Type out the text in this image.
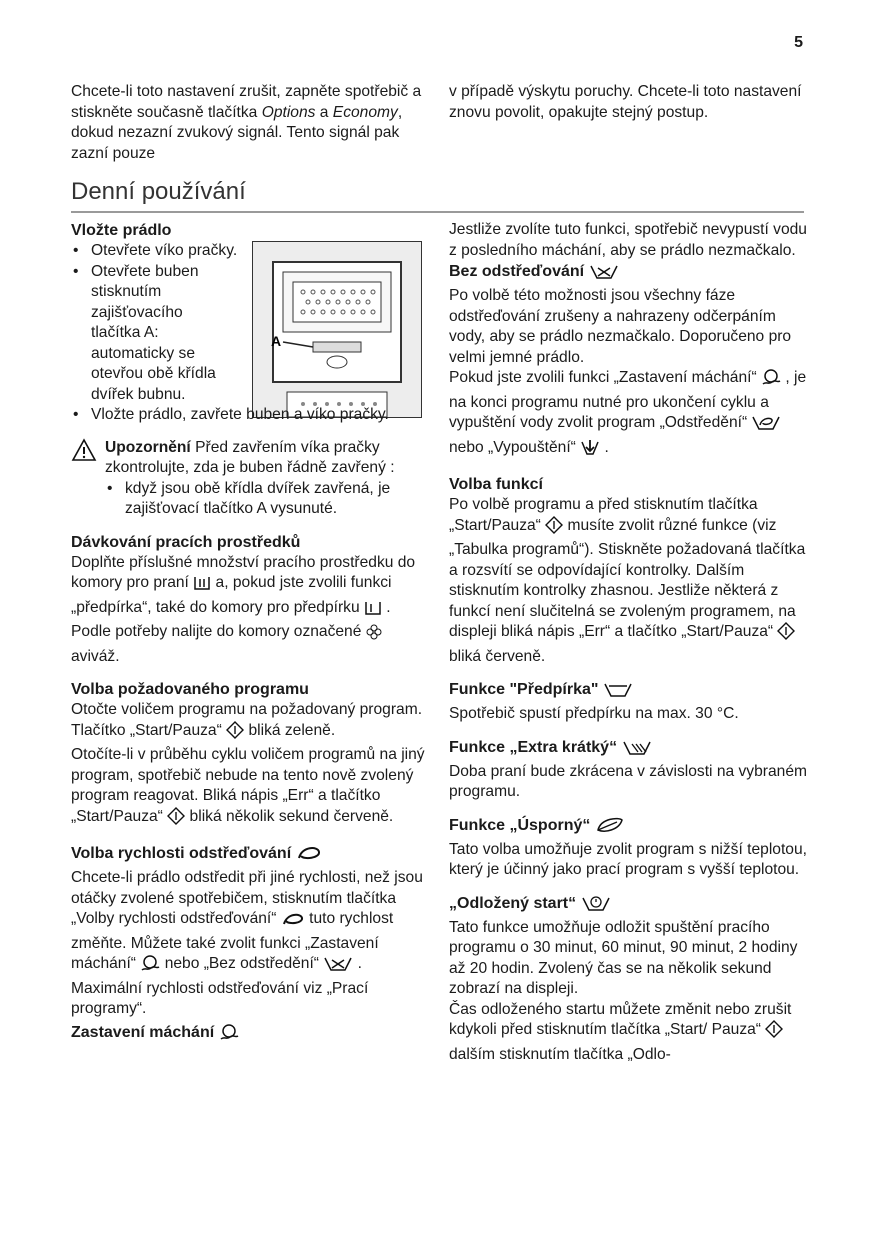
5

Chcete-li toto nastavení zrušit, zapněte spotřebič a stiskněte současně tlačítka Options a Economy, dokud nezazní zvukový signál. Tento signál pak zazní pouze

v případě výskytu poruchy. Chcete-li toto nastavení znovu povolit, opakujte stejný postup.

Denní používání
A
Vložte prádlo
• Otevřete víko pračky.
• Otevřete buben stisknutím zajišťovacího tlačítka A: automaticky se otevřou obě křídla dvířek bubnu.
• Vložte prádlo, zavřete buben a víko pračky.

Upozornění Před zavřením víka pračky zkontrolujte, zda je buben řádně zavřený :

• když jsou obě křídla dvířek zavřená, je zajišťovací tlačítko A vysunuté.
Dávkování pracích prostředků

Doplňte příslušné množství pracího prostředku do komory pro praní  a, pokud jste zvolili funkci „předpírka“, také do komory pro předpírku  . Podle potřeby nalijte do komory označené  aviváž.

Volba požadovaného programu

Otočte voličem programu na požadovaný program. Tlačítko „Start/Pauza“  bliká zeleně.

Otočíte-li v průběhu cyklu voličem programů na jiný program, spotřebič nebude na tento nově zvolený program reagovat. Bliká nápis „Err“ a tlačítko „Start/Pauza“  bliká několik sekund červeně.

Volba rychlosti odstřeďování

Chcete-li prádlo odstředit při jiné rychlosti, než jsou otáčky zvolené spotřebičem, stisknutím tlačítka „Volby rychlosti odstřeďování“  tuto rychlost změňte. Můžete také zvolit funkci „Zastavení máchání“  nebo „Bez odstředění“  .

Maximální rychlosti odstřeďování viz „Prací programy“.

Zastavení máchání

Jestliže zvolíte tuto funkci, spotřebič nevypustí vodu z posledního máchání, aby se prádlo nezmačkalo.

Bez odstřeďování

Po volbě této možnosti jsou všechny fáze odstřeďování zrušeny a nahrazeny odčerpáním vody, aby se prádlo nezmačkalo. Doporučeno pro velmi jemné prádlo.

Pokud jste zvolili funkci „Zastavení máchání“  , je na konci programu nutné pro ukončení cyklu a vypuštění vody zvolit program „Odstředění“  nebo „Vypouštění“  .

Volba funkcí

Po volbě programu a před stisknutím tlačítka „Start/Pauza“  musíte zvolit různé funkce (viz „Tabulka programů“). Stiskněte požadovaná tlačítka a rozsvítí se odpovídající kontrolky. Dalším stisknutím kontrolky zhasnou. Jestliže některá z funkcí není slučitelná se zvoleným programem, na displeji bliká nápis „Err“ a tlačítko „Start/Pauza“  bliká červeně.

Funkce "Předpírka"

Spotřebič spustí předpírku na max. 30 °C.

Funkce „Extra krátký“

Doba praní bude zkrácena v závislosti na vybraném programu.

Funkce „Úsporný“

Tato volba umožňuje zvolit program s nižší teplotou, který je účinný jako prací program s vyšší teplotou.

„Odložený start“

Tato funkce umožňuje odložit spuštění pracího programu o 30 minut, 60 minut, 90 minut, 2 hodiny až 20 hodin. Zvolený čas se na několik sekund zobrazí na displeji.

Čas odloženého startu můžete změnit nebo zrušit kdykoli před stisknutím tlačítka „Start/ Pauza“  dalším stisknutím tlačítka „Odlo-
